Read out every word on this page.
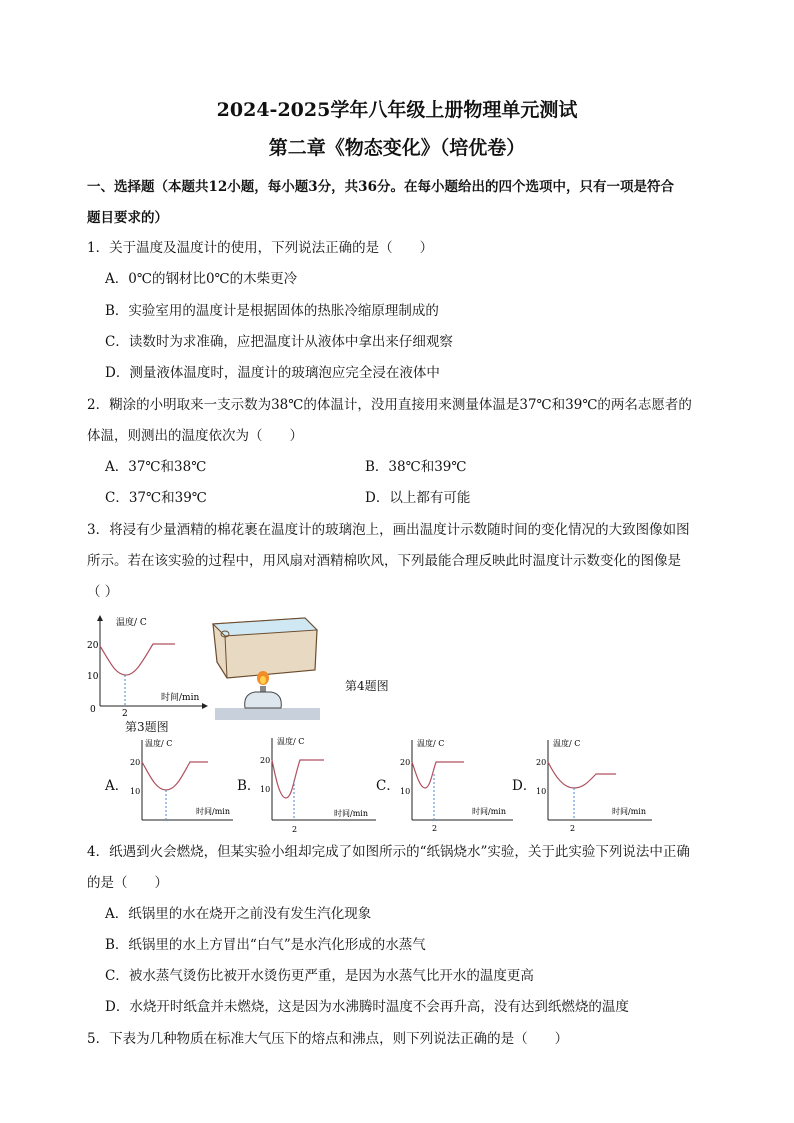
2024-2025学年八年级上册物理单元测试
第二章《物态变化》（培优卷）
一、选择题（本题共12小题，每小题3分，共36分。在每小题给出的四个选项中，只有一项是符合
题目要求的）
1．关于温度及温度计的使用，下列说法正确的是（　　）
A．0℃的钢材比0℃的木柴更冷
B．实验室用的温度计是根据固体的热胀冷缩原理制成的
C．读数时为求准确，应把温度计从液体中拿出来仔细观察
D．测量液体温度时，温度计的玻璃泡应完全浸在液体中
2．糊涂的小明取来一支示数为38℃的体温计，没用直接用来测量体温是37℃和39℃的两名志愿者的
体温，则测出的温度依次为（　　）
A．37℃和38℃	B．38℃和39℃
C．37℃和39℃	D．以上都有可能
3．将浸有少量酒精的棉花裹在温度计的玻璃泡上，画出温度计示数随时间的变化情况的大致图像如图
所示。若在该实验的过程中，用风扇对酒精棉吹风，下列最能合理反映此时温度计示数变化的图像是
（ ）
温度/ C
20
10
0
时间/min
2
第3题图
第4题图
A．	B．	C．	D．
温度/ C
20
10
时间/min
温度/ C
20
10
时间/min
2
温度/ C
20
10
时间/min
2
温度/ C
20
10
时间/min
2
4．纸遇到火会燃烧，但某实验小组却完成了如图所示的“纸锅烧水”实验，关于此实验下列说法中正确
的是（　　）
A．纸锅里的水在烧开之前没有发生汽化现象
B．纸锅里的水上方冒出“白气”是水汽化形成的水蒸气
C．被水蒸气烫伤比被开水烫伤更严重，是因为水蒸气比开水的温度更高
D．水烧开时纸盒并未燃烧，这是因为水沸腾时温度不会再升高，没有达到纸燃烧的温度
5．下表为几种物质在标准大气压下的熔点和沸点，则下列说法正确的是（　　）
